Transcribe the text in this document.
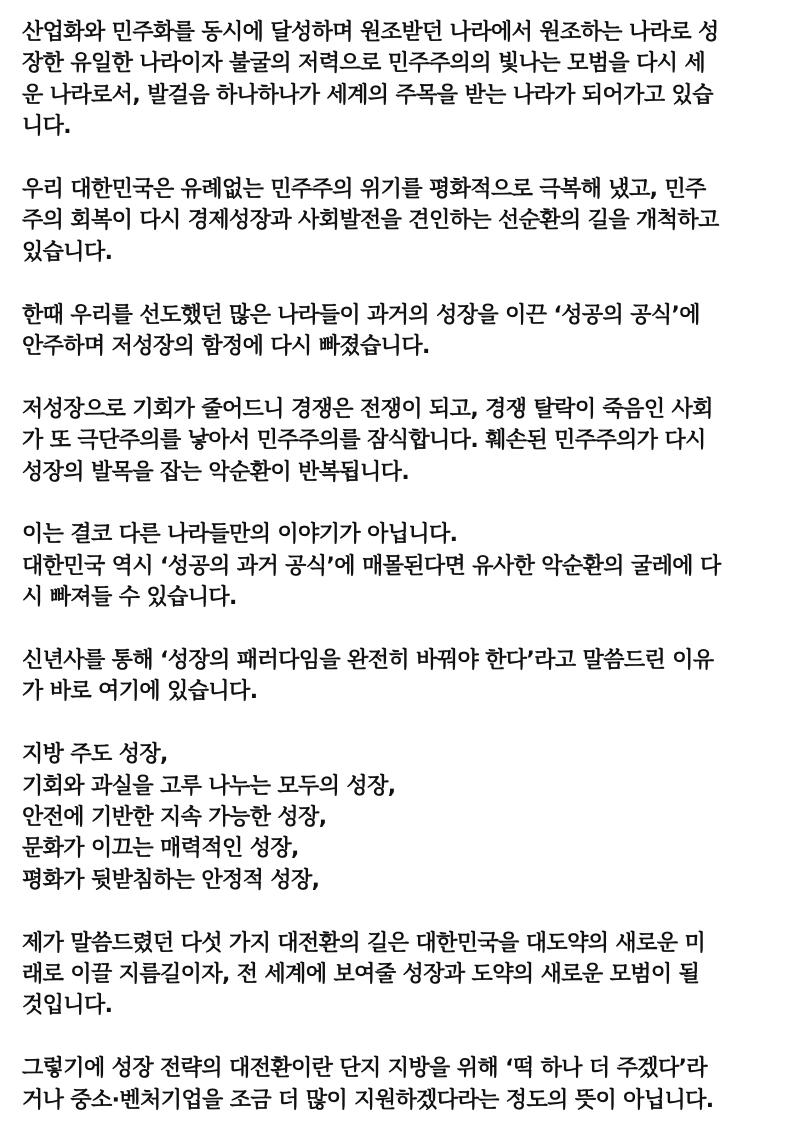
산업화와 민주화를 동시에 달성하며 원조받던 나라에서 원조하는 나라로 성
장한 유일한 나라이자 불굴의 저력으로 민주주의의 빛나는 모범을 다시 세
운 나라로서, 발걸음 하나하나가 세계의 주목을 받는 나라가 되어가고 있습
니다.

우리 대한민국은 유례없는 민주주의 위기를 평화적으로 극복해 냈고, 민주
주의 회복이 다시 경제성장과 사회발전을 견인하는 선순환의 길을 개척하고
있습니다.

한때 우리를 선도했던 많은 나라들이 과거의 성장을 이끈 ‘성공의 공식’에
안주하며 저성장의 함정에 다시 빠졌습니다.

저성장으로 기회가 줄어드니 경쟁은 전쟁이 되고, 경쟁 탈락이 죽음인 사회
가 또 극단주의를 낳아서 민주주의를 잠식합니다. 훼손된 민주주의가 다시
성장의 발목을 잡는 악순환이 반복됩니다.

이는 결코 다른 나라들만의 이야기가 아닙니다.
대한민국 역시 ‘성공의 과거 공식’에 매몰된다면 유사한 악순환의 굴레에 다
시 빠져들 수 있습니다.

신년사를 통해 ‘성장의 패러다임을 완전히 바꿔야 한다’라고 말씀드린 이유
가 바로 여기에 있습니다.

지방 주도 성장,
기회와 과실을 고루 나누는 모두의 성장,
안전에 기반한 지속 가능한 성장,
문화가 이끄는 매력적인 성장,
평화가 뒷받침하는 안정적 성장,

제가 말씀드렸던 다섯 가지 대전환의 길은 대한민국을 대도약의 새로운 미
래로 이끌 지름길이자, 전 세계에 보여줄 성장과 도약의 새로운 모범이 될
것입니다.

그렇기에 성장 전략의 대전환이란 단지 지방을 위해 ‘떡 하나 더 주겠다’라
거나 중소·벤처기업을 조금 더 많이 지원하겠다라는 정도의 뜻이 아닙니다.
